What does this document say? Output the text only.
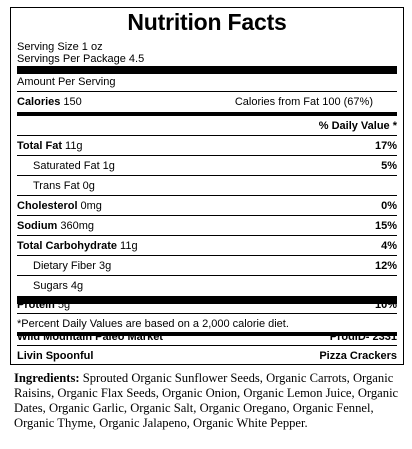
Nutrition Facts
Serving Size 1 oz
Servings Per Package 4.5
Amount Per Serving
Calories 150	Calories from Fat 100 (67%)
% Daily Value *
Total Fat 11g	17%
Saturated Fat 1g	5%
Trans Fat 0g
Cholesterol 0mg	0%
Sodium 360mg	15%
Total Carbohydrate 11g	4%
Dietary Fiber 3g	12%
Sugars 4g
Protein 5g	10%
*Percent Daily Values are based on a 2,000 calorie diet.
Wild Mountain Paleo Market	ProdID- 2331
Livin Spoonful	Pizza Crackers
Ingredients: Sprouted Organic Sunflower Seeds, Organic Carrots, Organic Raisins, Organic Flax Seeds, Organic Onion, Organic Lemon Juice, Organic Dates, Organic Garlic, Organic Salt, Organic Oregano, Organic Fennel, Organic Thyme, Organic Jalapeno, Organic White Pepper.
